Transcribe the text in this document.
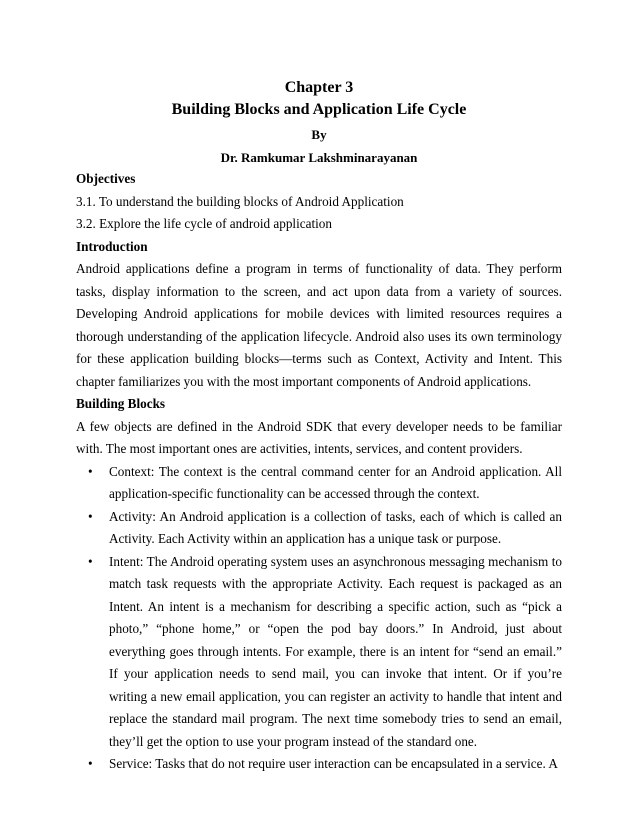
Chapter 3
Building Blocks and Application Life Cycle
By
Dr. Ramkumar Lakshminarayanan

Objectives

3.1. To understand the building blocks of Android Application

3.2. Explore the life cycle of android application

Introduction

Android applications define a program in terms of functionality of data. They perform tasks, display information to the screen, and act upon data from a variety of sources. Developing Android applications for mobile devices with limited resources requires a thorough understanding of the application lifecycle. Android also uses its own terminology for these application building blocks—terms such as Context, Activity and Intent. This chapter familiarizes you with the most important components of Android applications.

Building Blocks

A few objects are defined in the Android SDK that every developer needs to be familiar with. The most important ones are activities, intents, services, and content providers.

• Context: The context is the central command center for an Android application. All application-specific functionality can be accessed through the context.
• Activity: An Android application is a collection of tasks, each of which is called an Activity. Each Activity within an application has a unique task or purpose.
• Intent: The Android operating system uses an asynchronous messaging mechanism to match task requests with the appropriate Activity. Each request is packaged as an Intent. An intent is a mechanism for describing a specific action, such as “pick a photo,” “phone home,” or “open the pod bay doors.” In Android, just about everything goes through intents. For example, there is an intent for “send an email.” If your application needs to send mail, you can invoke that intent. Or if you’re writing a new email application, you can register an activity to handle that intent and replace the standard mail program. The next time somebody tries to send an email, they’ll get the option to use your program instead of the standard one.
• Service: Tasks that do not require user interaction can be encapsulated in a service. A
